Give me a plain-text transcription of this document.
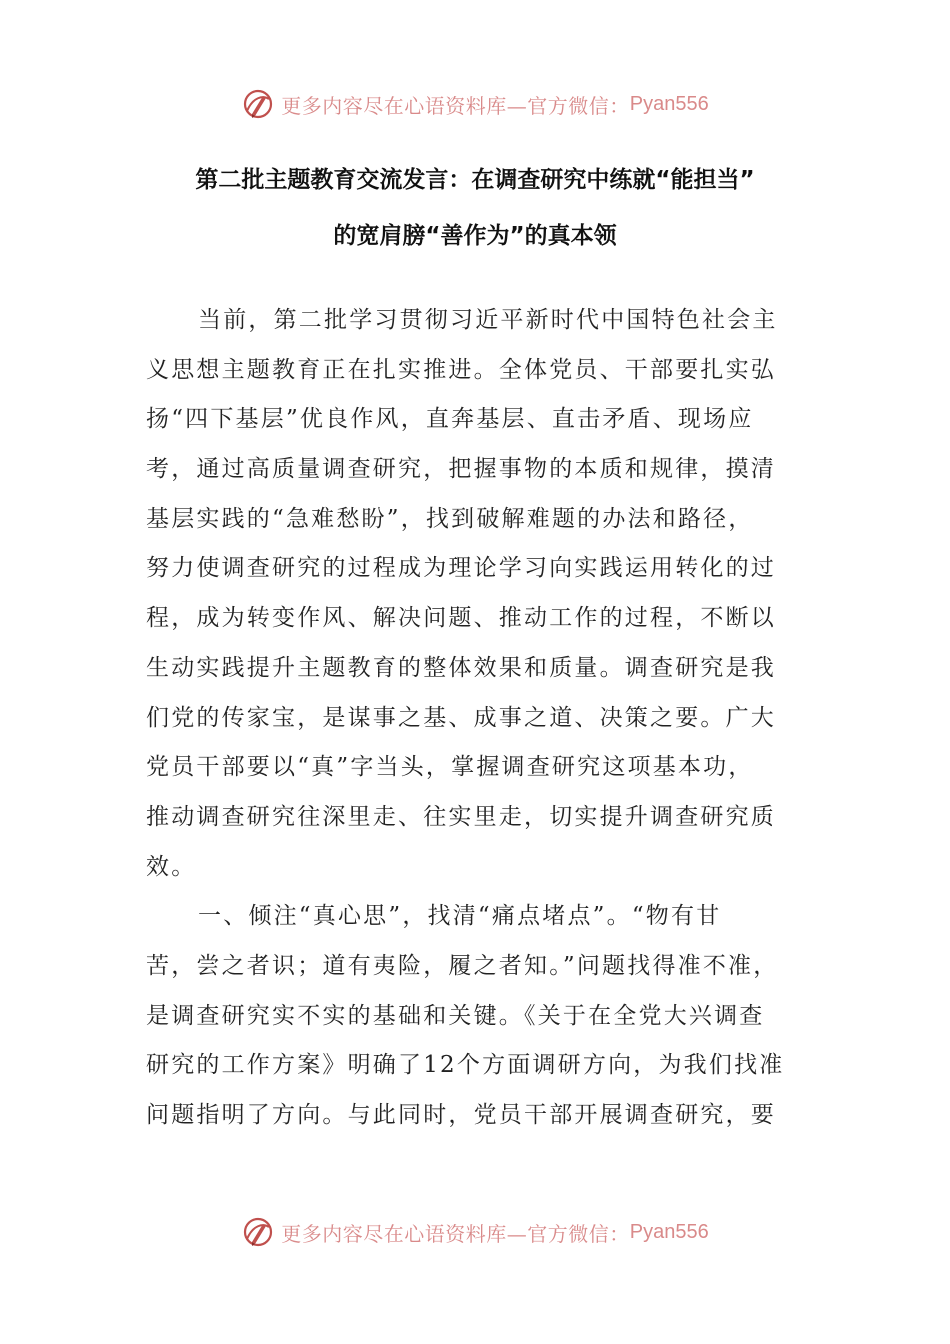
更多内容尽在心语资料库—官方微信： Pyan556
第二批主题教育交流发言：在调查研究中练就“能担当”
的宽肩膀“善作为”的真本领
当前，第二批学习贯彻习近平新时代中国特色社会主
义思想主题教育正在扎实推进。全体党员、干部要扎实弘
扬“四下基层”优良作风，直奔基层、直击矛盾、现场应
考，通过高质量调查研究，把握事物的本质和规律，摸清
基层实践的“急难愁盼”，找到破解难题的办法和路径，
努力使调查研究的过程成为理论学习向实践运用转化的过
程，成为转变作风、解决问题、推动工作的过程，不断以
生动实践提升主题教育的整体效果和质量。调查研究是我
们党的传家宝，是谋事之基、成事之道、决策之要。广大
党员干部要以“真”字当头，掌握调查研究这项基本功，
推动调查研究往深里走、往实里走，切实提升调查研究质
效。
一、倾注“真心思”，找清“痛点堵点”。“物有甘
苦，尝之者识；道有夷险，履之者知。”问题找得准不准，
是调查研究实不实的基础和关键。《关于在全党大兴调查
研究的工作方案》明确了12个方面调研方向，为我们找准
问题指明了方向。与此同时，党员干部开展调查研究，要
更多内容尽在心语资料库—官方微信： Pyan556
